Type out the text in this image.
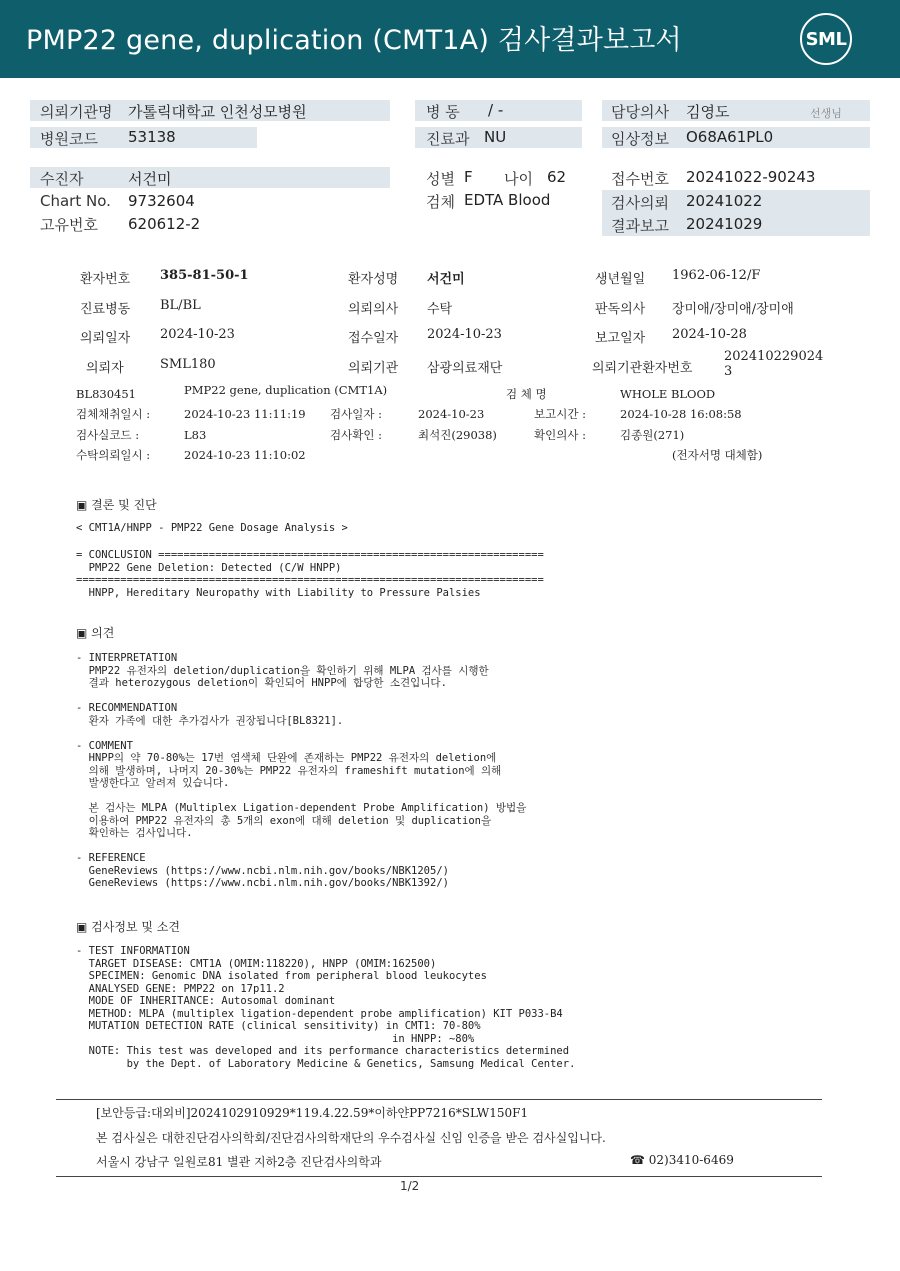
PMP22 gene, duplication (CMT1A) 검사결과보고서	SML
의뢰기관명 가톨릭대학교 인천성모병원	병 동 / -	담당의사 김영도	선생님
병원코드 53138	진료과 NU	임상정보 O68A61PL0
수진자	서건미	성별 F 나이 62	접수번호 20241022-90243
Chart No. 9732604	검체 EDTA Blood	검사의뢰 20241022
고유번호 620612-2	결과보고 20241029
환자번호 385-81-50-1	환자성명 서건미	생년월일 1962-06-12/F
진료병동 BL/BL	의뢰의사 수탁	판독의사 장미애/장미애/장미애
의뢰일자 2024-10-23	접수일자 2024-10-23	보고일자 2024-10-28
의뢰자	SML180	의뢰기관 삼광의료재단	의뢰기관환자번호
202410229024
3
BL830451	PMP22 gene, duplication (CMT1A)	검 체 명	WHOLE BLOOD
검체채취일시 :	2024-10-23 11:11:19 검사일자 :	2024-10-23	보고시간 :	2024-10-28 16:08:58
검사실코드 :	L83	검사확인 :	최석진(29038)	확인의사 :	김종원(271)
수탁의뢰일시 :	2024-10-23 11:10:02	(전자서명 대체함)
▣ 결론 및 진단
< CMT1A/HNPP - PMP22 Gene Dosage Analysis >
= CONCLUSION =============================================================
PMP22 Gene Deletion: Detected (C/W HNPP)
==========================================================================
HNPP, Hereditary Neuropathy with Liability to Pressure Palsies
▣ 의견
- INTERPRETATION
PMP22 유전자의 deletion/duplication을 확인하기 위해 MLPA 검사를 시행한
결과 heterozygous deletion이 확인되어 HNPP에 합당한 소견입니다.
- RECOMMENDATION
환자 가족에 대한 추가검사가 권장됩니다[BL8321].
- COMMENT
HNPP의 약 70-80%는 17번 염색체 단완에 존재하는 PMP22 유전자의 deletion에
의해 발생하며, 나머지 20-30%는 PMP22 유전자의 frameshift mutation에 의해
발생한다고 알려져 있습니다.
본 검사는 MLPA (Multiplex Ligation-dependent Probe Amplification) 방법을
이용하여 PMP22 유전자의 총 5개의 exon에 대해 deletion 및 duplication을
확인하는 검사입니다.
- REFERENCE
GeneReviews (https://www.ncbi.nlm.nih.gov/books/NBK1205/)
GeneReviews (https://www.ncbi.nlm.nih.gov/books/NBK1392/)
▣ 검사정보 및 소견
- TEST INFORMATION
TARGET DISEASE: CMT1A (OMIM:118220), HNPP (OMIM:162500)
SPECIMEN: Genomic DNA isolated from peripheral blood leukocytes
ANALYSED GENE: PMP22 on 17p11.2
MODE OF INHERITANCE: Autosomal dominant
METHOD: MLPA (multiplex ligation-dependent probe amplification) KIT P033-B4
MUTATION DETECTION RATE (clinical sensitivity) in CMT1: 70-80%
in HNPP: ~80%
NOTE: This test was developed and its performance characteristics determined
by the Dept. of Laboratory Medicine & Genetics, Samsung Medical Center.
[보안등급:대외비]2024102910929*119.4.22.59*이하얀PP7216*SLW150F1
본 검사실은 대한진단검사의학회/진단검사의학재단의 우수검사실 신임 인증을 받은 검사실입니다.
서울시 강남구 일원로81 별관 지하2층 진단검사의학과	☎ 02)3410-6469
1/2
